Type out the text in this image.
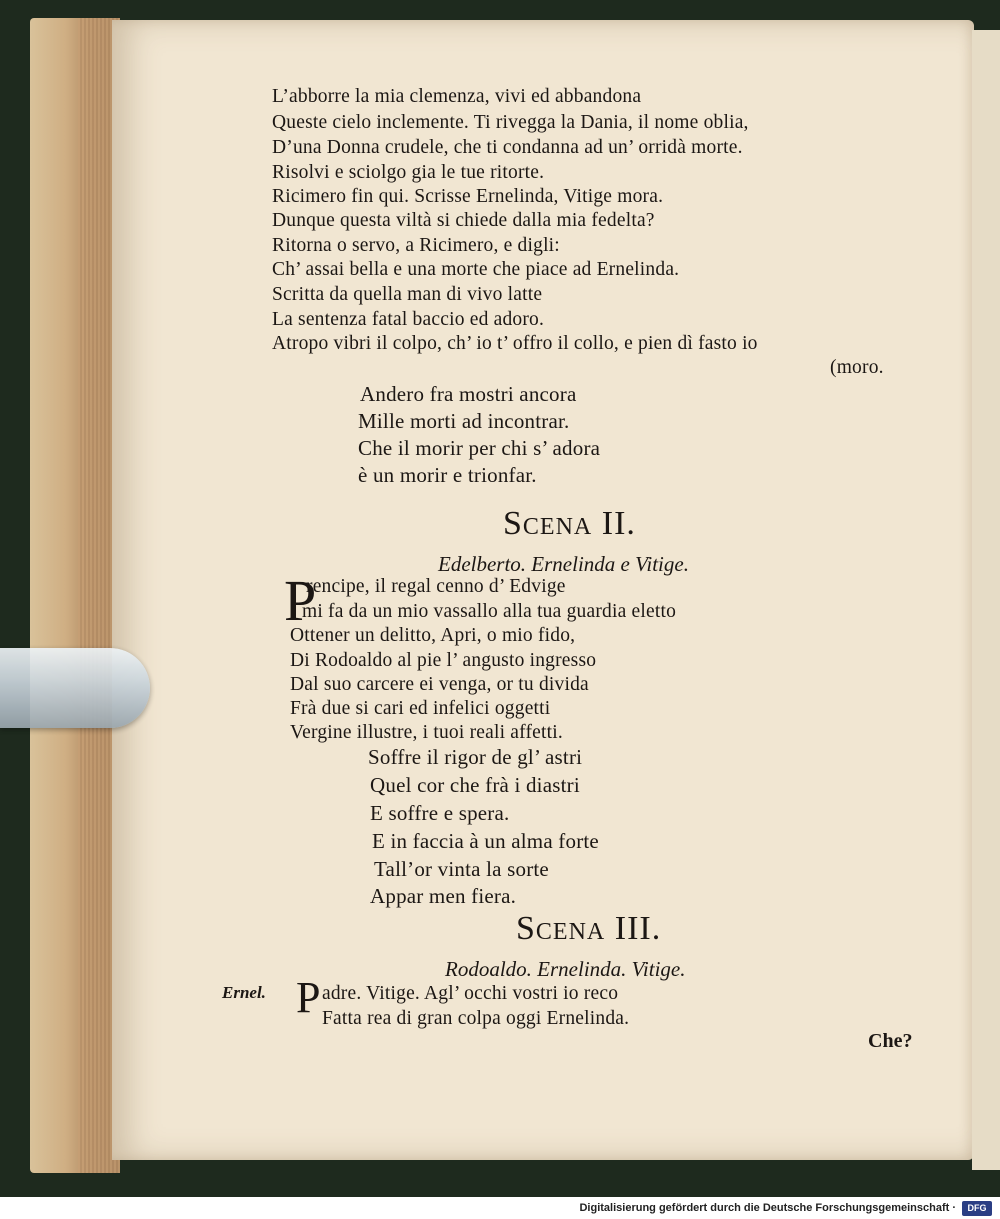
L’abborre la mia clemenza, vivi ed abbandona
Queste cielo inclemente. Ti rivegga la Dania, il nome oblia,
D’una Donna crudele, che ti condanna ad un’ orridà morte.
Risolvi e sciolgo gia le tue ritorte.
Ricimero fin qui. Scrisse Ernelinda, Vitige mora.
Dunque questa viltà si chiede dalla mia fedelta?
Ritorna o servo, a Ricimero, e digli:
Ch’ assai bella e una morte che piace ad Ernelinda.
Scritta da quella man di vivo latte
La sentenza fatal baccio ed adoro.
Atropo vibri il colpo, ch’ io t’ offro il collo, e pien dì fasto io
(moro.
Andero fra mostri ancora
Mille morti ad incontrar.
Che il morir per chi s’ adora
è un morir e trionfar.
Scena II.
Edelberto. Ernelinda e Vitige.
P
rencipe, il regal cenno d’ Edvige
mi fa da un mio vassallo alla tua guardia eletto
Ottener un delitto, Apri, o mio fido,
Di Rodoaldo al pie l’ angusto ingresso
Dal suo carcere ei venga, or tu divida
Frà due si cari ed infelici oggetti
Vergine illustre, i tuoi reali affetti.
Soffre il rigor de gl’ astri
Quel cor che frà i diastri
E soffre e spera.
E in faccia à un alma forte
Tall’or vinta la sorte
Appar men fiera.
Scena III.
Rodoaldo. Ernelinda. Vitige.
Ernel. P adre. Vitige. Agl’ occhi vostri io reco
Fatta rea di gran colpa oggi Ernelinda.
Che?
Digitalisierung gefördert durch die Deutsche Forschungsgemeinschaft ·	DFG
